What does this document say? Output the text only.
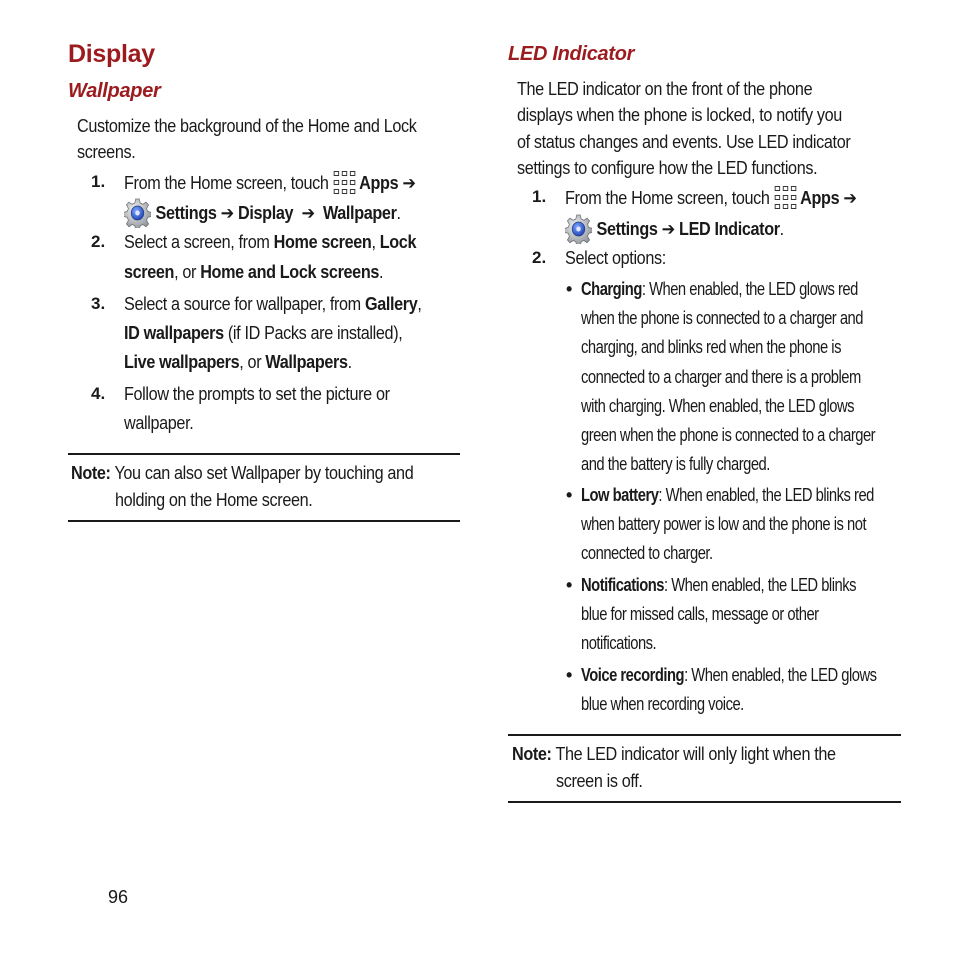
Display
Wallpaper
Customize the background of the Home and Lock
screens.
1. From the Home screen, touch Apps ➔
Settings ➔ Display ➔ Wallpaper.
2. Select a screen, from Home screen, Lock
screen, or Home and Lock screens.
3. Select a source for wallpaper, from Gallery,
ID wallpapers (if ID Packs are installed),
Live wallpapers, or Wallpapers.
4. Follow the prompts to set the picture or
wallpaper.
Note: You can also set Wallpaper by touching and
holding on the Home screen.
LED Indicator
The LED indicator on the front of the phone
displays when the phone is locked, to notify you
of status changes and events. Use LED indicator
settings to configure how the LED functions.
1. From the Home screen, touch Apps ➔
Settings ➔ LED Indicator.
2. Select options:
Charging: When enabled, the LED glows red
when the phone is connected to a charger and
charging, and blinks red when the phone is
connected to a charger and there is a problem
with charging. When enabled, the LED glows
green when the phone is connected to a charger
and the battery is fully charged.
•
Low battery: When enabled, the LED blinks red
when battery power is low and the phone is not
connected to charger.
•
Notifications: When enabled, the LED blinks
blue for missed calls, message or other
notifications.
•
Voice recording: When enabled, the LED glows
blue when recording voice.
•
Note: The LED indicator will only light when the
screen is off.
96
